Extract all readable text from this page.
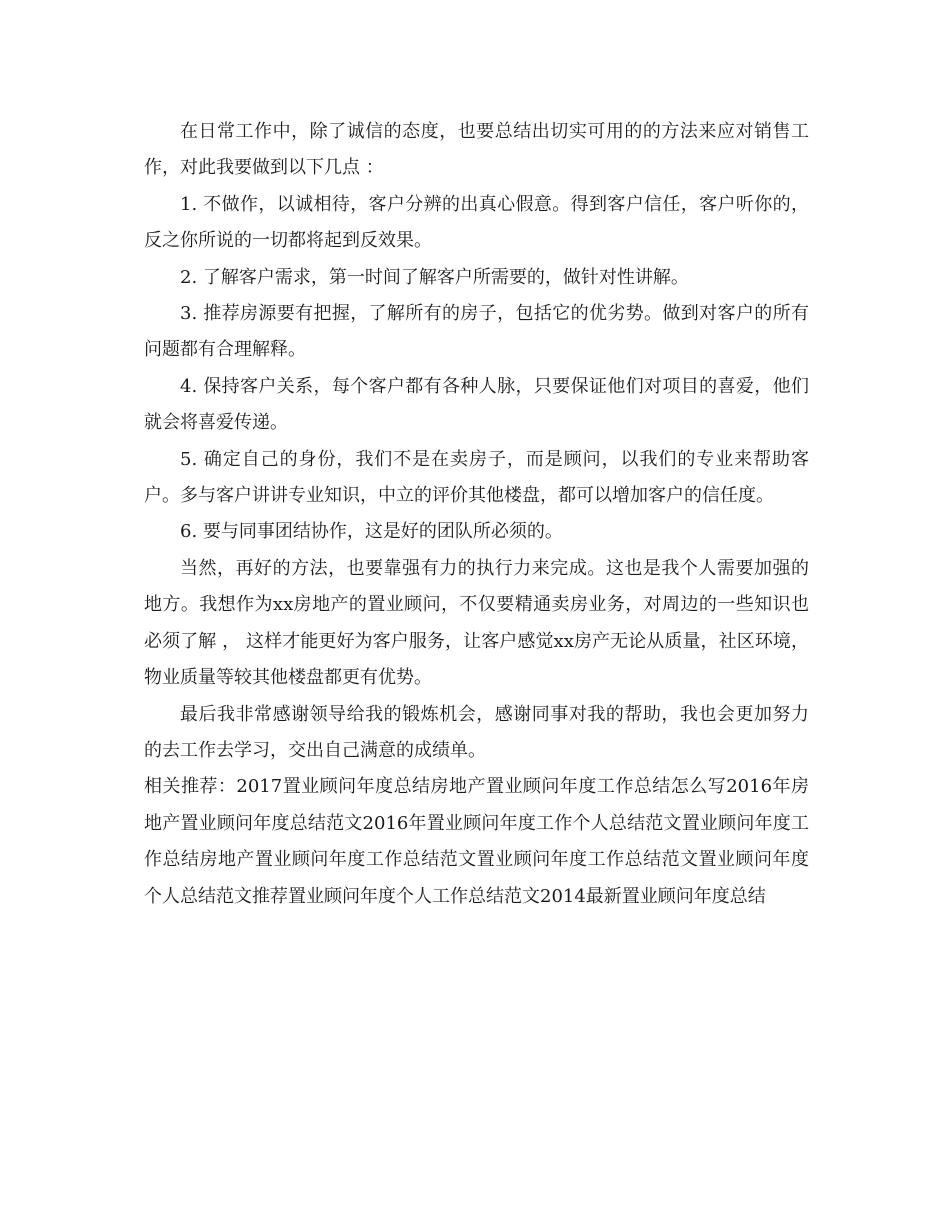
在日常工作中，除了诚信的态度，也要总结出切实可用的的方法来应对销售工作，对此我要做到以下几点 ：

1. 不做作，以诚相待，客户分辨的出真心假意。得到客户信任，客户听你的， 反之你所说的一切都将起到反效果。

2. 了解客户需求，第一时间了解客户所需要的，做针对性讲解。

3. 推荐房源要有把握，了解所有的房子，包括它的优劣势。做到对客户的所有问题都有合理解释。

4. 保持客户关系，每个客户都有各种人脉，只要保证他们对项目的喜爱，他们就会将喜爱传递。

5. 确定自己的身份，我们不是在卖房子，而是顾问，以我们的专业来帮助客户。多与客户讲讲专业知识，中立的评价其他楼盘，都可以增加客户的信任度。

6. 要与同事团结协作，这是好的团队所必须的。

当然，再好的方法，也要靠强有力的执行力来完成。这也是我个人需要加强的地方。我想作为xx房地产的置业顾问，不仅要精通卖房业务，对周边的一些知识也必须了解 ， 这样才能更好为客户服务，让客户感觉xx房产无论从质量，社区环境，物业质量等较其他楼盘都更有优势。

最后我非常感谢领导给我的锻炼机会，感谢同事对我的帮助，我也会更加努力的去工作去学习，交出自己满意的成绩单。

相关推荐：2017置业顾问年度总结房地产置业顾问年度工作总结怎么写2016年房地产置业顾问年度总结范文2016年置业顾问年度工作个人总结范文置业顾问年度工作总结房地产置业顾问年度工作总结范文置业顾问年度工作总结范文置业顾问年度个人总结范文推荐置业顾问年度个人工作总结范文2014最新置业顾问年度总结
